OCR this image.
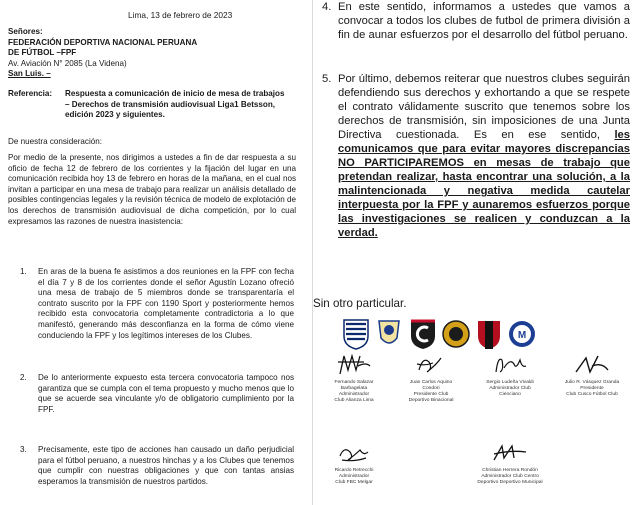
Lima, 13 de febrero de 2023
Señores:
FEDERACIÓN DEPORTIVA NACIONAL PERUANA
DE FÚTBOL –FPF
Av. Aviación N° 2085 (La Videna)
San Luis. –
Referencia: Respuesta a comunicación de inicio de mesa de trabajos – Derechos de transmisión audiovisual Liga1 Betsson, edición 2023 y siguientes.
De nuestra consideración:
Por medio de la presente, nos dirigimos a ustedes a fin de dar respuesta a su oficio de fecha 12 de febrero de los corrientes y la fijación del lugar en una comunicación recibida hoy 13 de febrero en horas de la mañana, en el cual nos invitan a participar en una mesa de trabajo para realizar un análisis detallado de posibles contingencias legales y la revisión técnica de modelo de explotación de los derechos de transmisión audiovisual de dicha competición, por lo cual expresamos las razones de nuestra inasistencia:
1. En aras de la buena fe asistimos a dos reuniones en la FPF con fecha el día 7 y 8 de los corrientes donde el señor Agustín Lozano ofreció una mesa de trabajo de 5 miembros donde se transparentaría el contrato suscrito por la FPF con 1190 Sport y posteriormente hemos recibido esta convocatoria completamente contradictoria a lo que manifestó, generando más desconfianza en la forma de cómo viene conduciendo la FPF y los legítimos intereses de los Clubes.
2. De lo anteriormente expuesto esta tercera convocatoria tampoco nos garantiza que se cumpla con el tema propuesto y mucho menos que lo que se acuerde sea vinculante y/o de obligatorio cumplimiento por la FPF.
3. Precisamente, este tipo de acciones han causado un daño perjudicial para el fútbol peruano, a nuestros hinchas y a los Clubes que tenemos que cumplir con nuestras obligaciones y que con tantas ansias esperamos la transmisión de nuestros partidos.
4. En este sentido, informamos a ustedes que vamos a convocar a todos los clubes de futbol de primera división a fin de aunar esfuerzos por el desarrollo del fútbol peruano.
5. Por último, debemos reiterar que nuestros clubes seguirán defendiendo sus derechos y exhortando a que se respete el contrato válidamente suscrito que tenemos sobre los derechos de transmisión, sin imposiciones de una Junta Directiva cuestionada. Es en ese sentido, les comunicamos que para evitar mayores discrepancias NO PARTICIPAREMOS en mesas de trabajo que pretendan realizar, hasta encontrar una solución, a la malintencionada y negativa medida cautelar interpuesta por la FPF y aunaremos esfuerzos porque las investigaciones se realicen y conduzcan a la verdad.
Sin otro particular.
M
Fernando Salazar
Barbagelata
Administrador
Club Alianza Lima
Juan Carlos Aquino
Condori
Presidente Club
Deportivo Binacional
Sergio Ludeña Vivaldi
Administrador Club
Cienciano
Julio R. Vásquez Granda
Presidente
Club Cusco Fútbol Club
Ricardo Retrecchi
Administrador
Club FBC Melgar
Christian Herrera Rondón
Administrador Club Centro
Deportivo Deportivo Municipal
